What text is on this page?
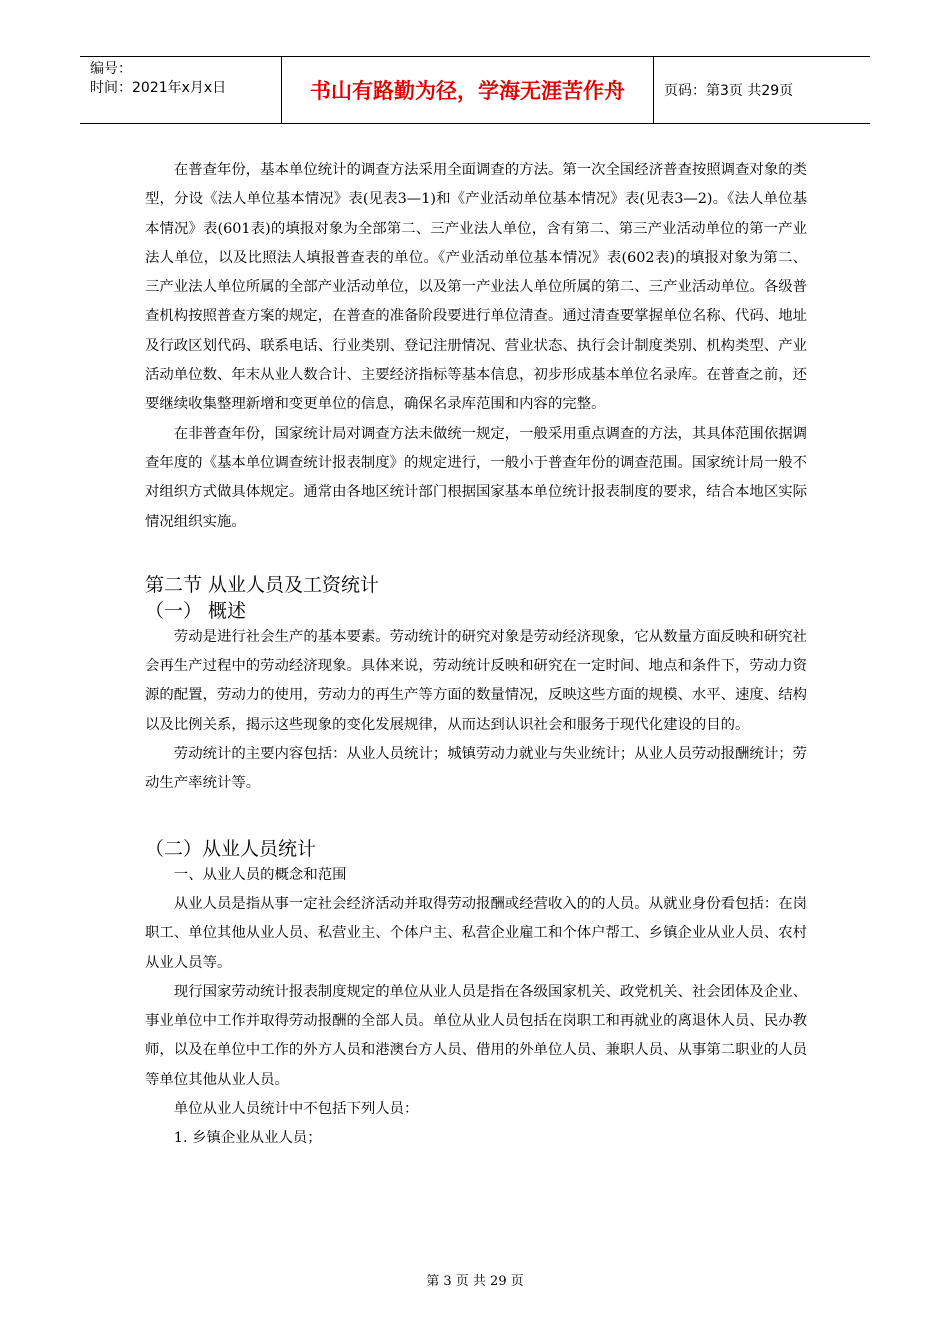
编号：
时间：2021年x月x日	书山有路勤为径，学海无涯苦作舟	页码：第3页 共29页

在普查年份，基本单位统计的调查方法采用全面调查的方法。第一次全国经济普查按照调查对象的类型，分设《法人单位基本情况》表(见表3—1)和《产业活动单位基本情况》表(见表3—2)。《法人单位基本情况》表(601表)的填报对象为全部第二、三产业法人单位，含有第二、第三产业活动单位的第一产业法人单位，以及比照法人填报普查表的单位。《产业活动单位基本情况》表(602表)的填报对象为第二、三产业法人单位所属的全部产业活动单位，以及第一产业法人单位所属的第二、三产业活动单位。各级普查机构按照普查方案的规定，在普查的准备阶段要进行单位清查。通过清查要掌握单位名称、代码、地址及行政区划代码、联系电话、行业类别、登记注册情况、营业状态、执行会计制度类别、机构类型、产业活动单位数、年末从业人数合计、主要经济指标等基本信息，初步形成基本单位名录库。在普查之前，还要继续收集整理新增和变更单位的信息，确保名录库范围和内容的完整。

在非普查年份，国家统计局对调查方法未做统一规定，一般采用重点调查的方法，其具体范围依据调查年度的《基本单位调查统计报表制度》的规定进行，一般小于普查年份的调查范围。国家统计局一般不对组织方式做具体规定。通常由各地区统计部门根据国家基本单位统计报表制度的要求，结合本地区实际情况组织实施。

第二节 从业人员及工资统计
（一） 概述

劳动是进行社会生产的基本要素。劳动统计的研究对象是劳动经济现象，它从数量方面反映和研究社会再生产过程中的劳动经济现象。具体来说，劳动统计反映和研究在一定时间、地点和条件下，劳动力资源的配置，劳动力的使用，劳动力的再生产等方面的数量情况，反映这些方面的规模、水平、速度、结构以及比例关系，揭示这些现象的变化发展规律，从而达到认识社会和服务于现代化建设的目的。

劳动统计的主要内容包括：从业人员统计；城镇劳动力就业与失业统计；从业人员劳动报酬统计；劳动生产率统计等。

（二）从业人员统计

一、从业人员的概念和范围

从业人员是指从事一定社会经济活动并取得劳动报酬或经营收入的的人员。从就业身份看包括：在岗职工、单位其他从业人员、私营业主、个体户主、私营企业雇工和个体户帮工、乡镇企业从业人员、农村从业人员等。

现行国家劳动统计报表制度规定的单位从业人员是指在各级国家机关、政党机关、社会团体及企业、事业单位中工作并取得劳动报酬的全部人员。单位从业人员包括在岗职工和再就业的离退休人员、民办教师，以及在单位中工作的外方人员和港澳台方人员、借用的外单位人员、兼职人员、从事第二职业的人员等单位其他从业人员。

单位从业人员统计中不包括下列人员：

1. 乡镇企业从业人员；

第 3 页 共 29 页
